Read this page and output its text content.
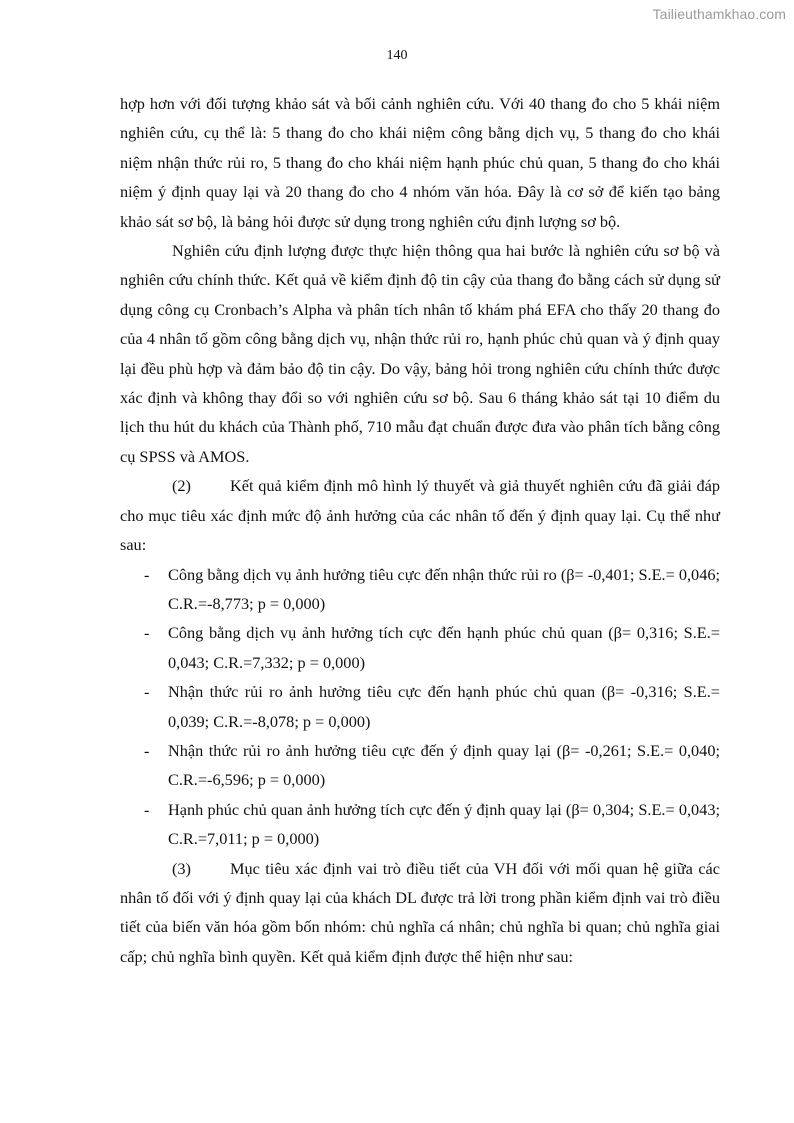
Tailieuthamkhao.com
140

hợp hơn với đối tượng khảo sát và bối cảnh nghiên cứu. Với 40 thang đo cho 5 khái niệm nghiên cứu, cụ thể là: 5 thang đo cho khái niệm công bằng dịch vụ, 5 thang đo cho khái niệm nhận thức rủi ro, 5 thang đo cho khái niệm hạnh phúc chủ quan, 5 thang đo cho khái niệm ý định quay lại và 20 thang đo cho 4 nhóm văn hóa. Đây là cơ sở để kiến tạo bảng khảo sát sơ bộ, là bảng hỏi được sử dụng trong nghiên cứu định lượng sơ bộ.

Nghiên cứu định lượng được thực hiện thông qua hai bước là nghiên cứu sơ bộ và nghiên cứu chính thức. Kết quả về kiểm định độ tin cậy của thang đo bằng cách sử dụng sử dụng công cụ Cronbach’s Alpha và phân tích nhân tố khám phá EFA cho thấy 20 thang đo của 4 nhân tố gồm công bằng dịch vụ, nhận thức rủi ro, hạnh phúc chủ quan và ý định quay lại đều phù hợp và đảm bảo độ tin cậy. Do vậy, bảng hỏi trong nghiên cứu chính thức được xác định và không thay đổi so với nghiên cứu sơ bộ. Sau 6 tháng khảo sát tại 10 điểm du lịch thu hút du khách của Thành phố, 710 mẫu đạt chuẩn được đưa vào phân tích bằng công cụ SPSS và AMOS.

(2) Kết quả kiểm định mô hình lý thuyết và giả thuyết nghiên cứu đã giải đáp cho mục tiêu xác định mức độ ảnh hưởng của các nhân tố đến ý định quay lại. Cụ thể như sau:

- Công bằng dịch vụ ảnh hưởng tiêu cực đến nhận thức rủi ro (β= -0,401; S.E.= 0,046; C.R.=-8,773; p = 0,000)
- Công bằng dịch vụ ảnh hưởng tích cực đến hạnh phúc chủ quan (β= 0,316; S.E.= 0,043; C.R.=7,332; p = 0,000)
- Nhận thức rủi ro ảnh hưởng tiêu cực đến hạnh phúc chủ quan (β= -0,316; S.E.= 0,039; C.R.=-8,078; p = 0,000)
- Nhận thức rủi ro ảnh hưởng tiêu cực đến ý định quay lại (β= -0,261; S.E.= 0,040; C.R.=-6,596; p = 0,000)
- Hạnh phúc chủ quan ảnh hưởng tích cực đến ý định quay lại (β= 0,304; S.E.= 0,043; C.R.=7,011; p = 0,000)

(3) Mục tiêu xác định vai trò điều tiết của VH đối với mối quan hệ giữa các nhân tố đối với ý định quay lại của khách DL được trả lời trong phần kiểm định vai trò điều tiết của biến văn hóa gồm bốn nhóm: chủ nghĩa cá nhân; chủ nghĩa bi quan; chủ nghĩa giai cấp; chủ nghĩa bình quyền. Kết quả kiểm định được thể hiện như sau:
